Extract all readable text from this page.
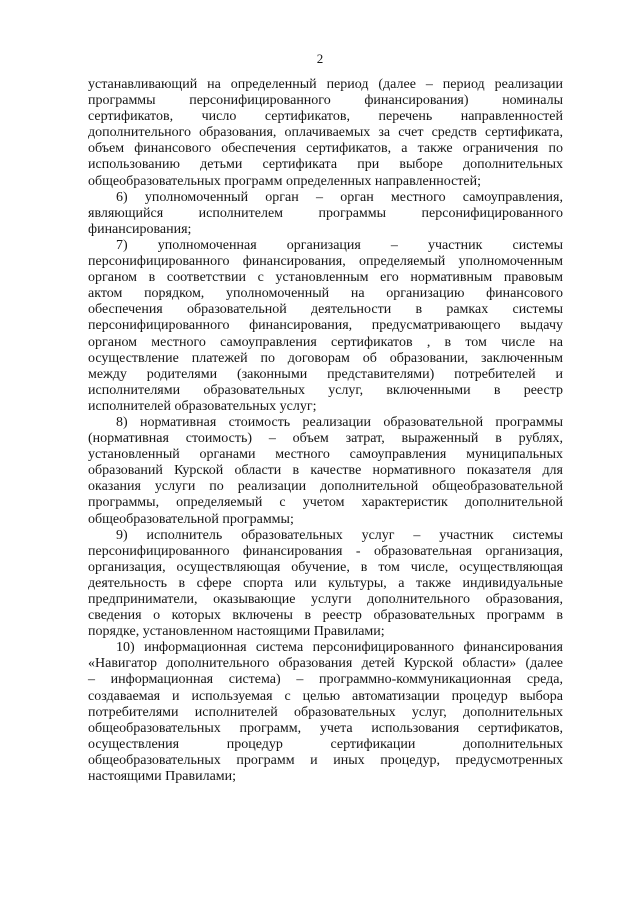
2
устанавливающий на определенный период (далее – период реализации
программы персонифицированного финансирования) номиналы
сертификатов, число сертификатов, перечень направленностей
дополнительного образования, оплачиваемых за счет средств сертификата,
объем финансового обеспечения сертификатов, а также ограничения по
использованию детьми сертификата при выборе дополнительных
общеобразовательных программ определенных направленностей;
6) уполномоченный орган – орган местного самоуправления,
являющийся исполнителем программы персонифицированного
финансирования;
7) уполномоченная организация – участник системы
персонифицированного финансирования, определяемый уполномоченным
органом в соответствии с установленным его нормативным правовым
актом порядком, уполномоченный на организацию финансового
обеспечения образовательной деятельности в рамках системы
персонифицированного финансирования, предусматривающего выдачу
органом местного самоуправления сертификатов , в том числе на
осуществление платежей по договорам об образовании, заключенным
между родителями (законными представителями) потребителей и
исполнителями образовательных услуг, включенными в реестр
исполнителей образовательных услуг;
8) нормативная стоимость реализации образовательной программы
(нормативная стоимость) – объем затрат, выраженный в рублях,
установленный органами местного самоуправления муниципальных
образований Курской области в качестве нормативного показателя для
оказания услуги по реализации дополнительной общеобразовательной
программы, определяемый с учетом характеристик дополнительной
общеобразовательной программы;
9) исполнитель образовательных услуг – участник системы
персонифицированного финансирования - образовательная организация,
организация, осуществляющая обучение, в том числе, осуществляющая
деятельность в сфере спорта или культуры, а также индивидуальные
предприниматели, оказывающие услуги дополнительного образования,
сведения о которых включены в реестр образовательных программ в
порядке, установленном настоящими Правилами;
10) информационная система персонифицированного финансирования
«Навигатор дополнительного образования детей Курской области» (далее
– информационная система) – программно-коммуникационная среда,
создаваемая и используемая с целью автоматизации процедур выбора
потребителями исполнителей образовательных услуг, дополнительных
общеобразовательных программ, учета использования сертификатов,
осуществления процедур сертификации дополнительных
общеобразовательных программ и иных процедур, предусмотренных
настоящими Правилами;
